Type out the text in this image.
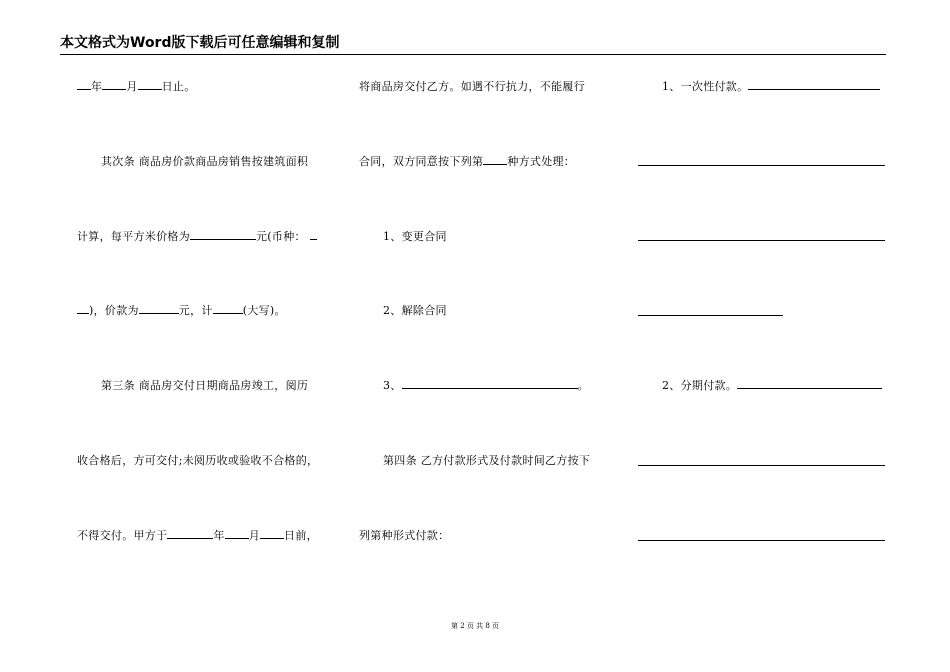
本文格式为Word版下载后可任意编辑和复制
年 月 日止。
其次条 商品房价款商品房销售按建筑面积
计算，每平方米价格为	元(币种：
)，价款为	元，计	(大写)。
第三条 商品房交付日期商品房竣工，阅历
收合格后，方可交付;未阅历收或验收不合格的，
不得交付。甲方于	年 月 日前，
将商品房交付乙方。如遇不行抗力，不能履行
合同，双方同意按下列第 种方式处理：
1、变更合同
2、解除合同
3、	。
第四条 乙方付款形式及付款时间乙方按下
列第种形式付款：
1、一次性付款。
2、分期付款。
第 2 页 共 8 页
